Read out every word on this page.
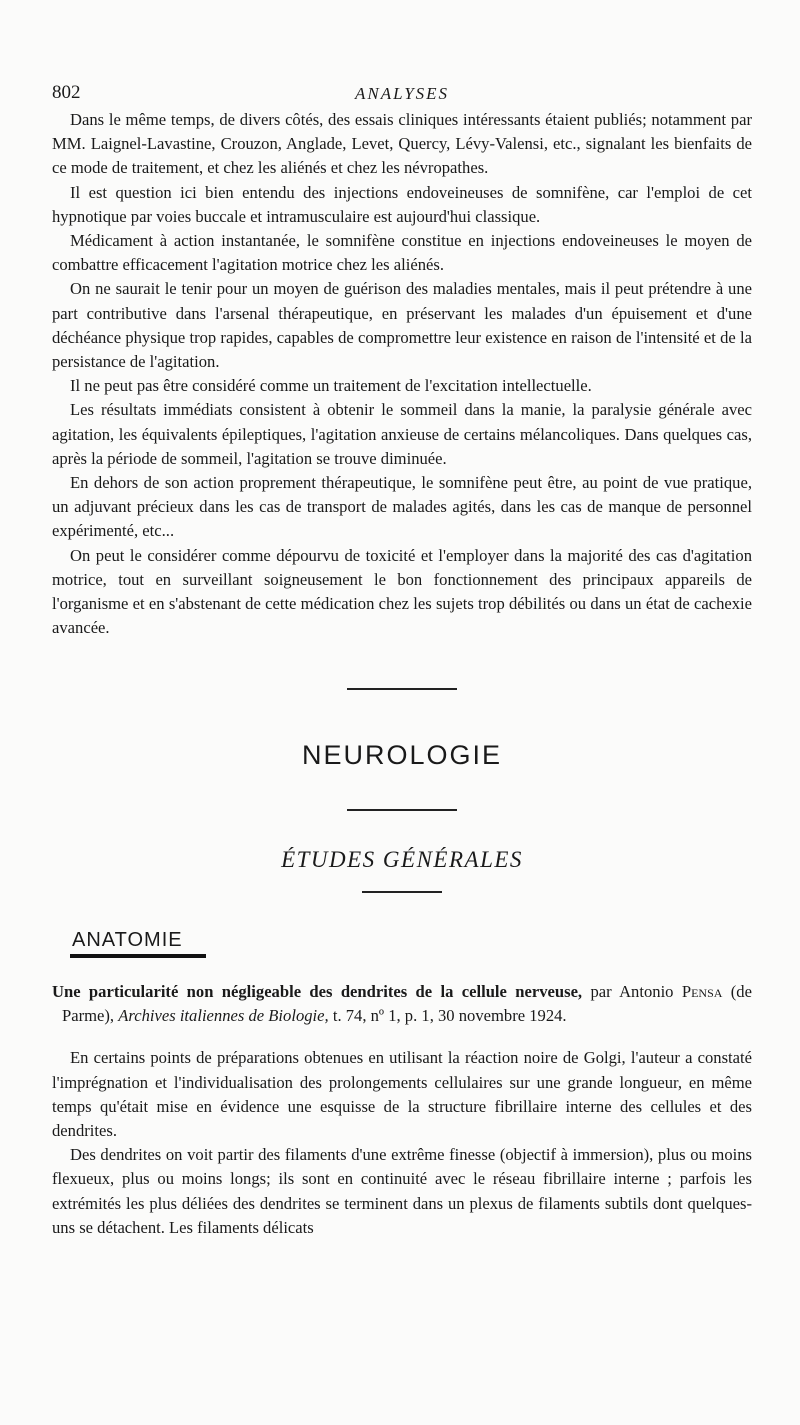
802	ANALYSES

Dans le même temps, de divers côtés, des essais cliniques intéressants étaient publiés; notamment par MM. Laignel-Lavastine, Crouzon, Anglade, Levet, Quercy, Lévy-Valensi, etc., signalant les bienfaits de ce mode de traitement, et chez les aliénés et chez les névropathes.

Il est question ici bien entendu des injections endoveineuses de somnifène, car l'emploi de cet hypnotique par voies buccale et intramusculaire est aujourd'hui classique.

Médicament à action instantanée, le somnifène constitue en injections endoveineuses le moyen de combattre efficacement l'agitation motrice chez les aliénés.

On ne saurait le tenir pour un moyen de guérison des maladies mentales, mais il peut prétendre à une part contributive dans l'arsenal thérapeutique, en préservant les malades d'un épuisement et d'une déchéance physique trop rapides, capables de compromettre leur existence en raison de l'intensité et de la persistance de l'agitation.

Il ne peut pas être considéré comme un traitement de l'excitation intellectuelle.

Les résultats immédiats consistent à obtenir le sommeil dans la manie, la paralysie générale avec agitation, les équivalents épileptiques, l'agitation anxieuse de certains mélancoliques. Dans quelques cas, après la période de sommeil, l'agitation se trouve diminuée.

En dehors de son action proprement thérapeutique, le somnifène peut être, au point de vue pratique, un adjuvant précieux dans les cas de transport de malades agités, dans les cas de manque de personnel expérimenté, etc...

On peut le considérer comme dépourvu de toxicité et l'employer dans la majorité des cas d'agitation motrice, tout en surveillant soigneusement le bon fonctionnement des principaux appareils de l'organisme et en s'abstenant de cette médication chez les sujets trop débilités ou dans un état de cachexie avancée.

NEUROLOGIE
ÉTUDES GÉNÉRALES
ANATOMIE
Une particularité non négligeable des dendrites de la cellule nerveuse, par Antonio Pensa (de Parme), Archives italiennes de Biologie, t. 74, nº 1, p. 1, 30 novembre 1924.

En certains points de préparations obtenues en utilisant la réaction noire de Golgi, l'auteur a constaté l'imprégnation et l'individualisation des prolongements cellulaires sur une grande longueur, en même temps qu'était mise en évidence une esquisse de la structure fibrillaire interne des cellules et des dendrites.

Des dendrites on voit partir des filaments d'une extrême finesse (objectif à immersion), plus ou moins flexueux, plus ou moins longs; ils sont en continuité avec le réseau fibrillaire interne ; parfois les extrémités les plus déliées des dendrites se terminent dans un plexus de filaments subtils dont quelques-uns se détachent. Les filaments délicats
